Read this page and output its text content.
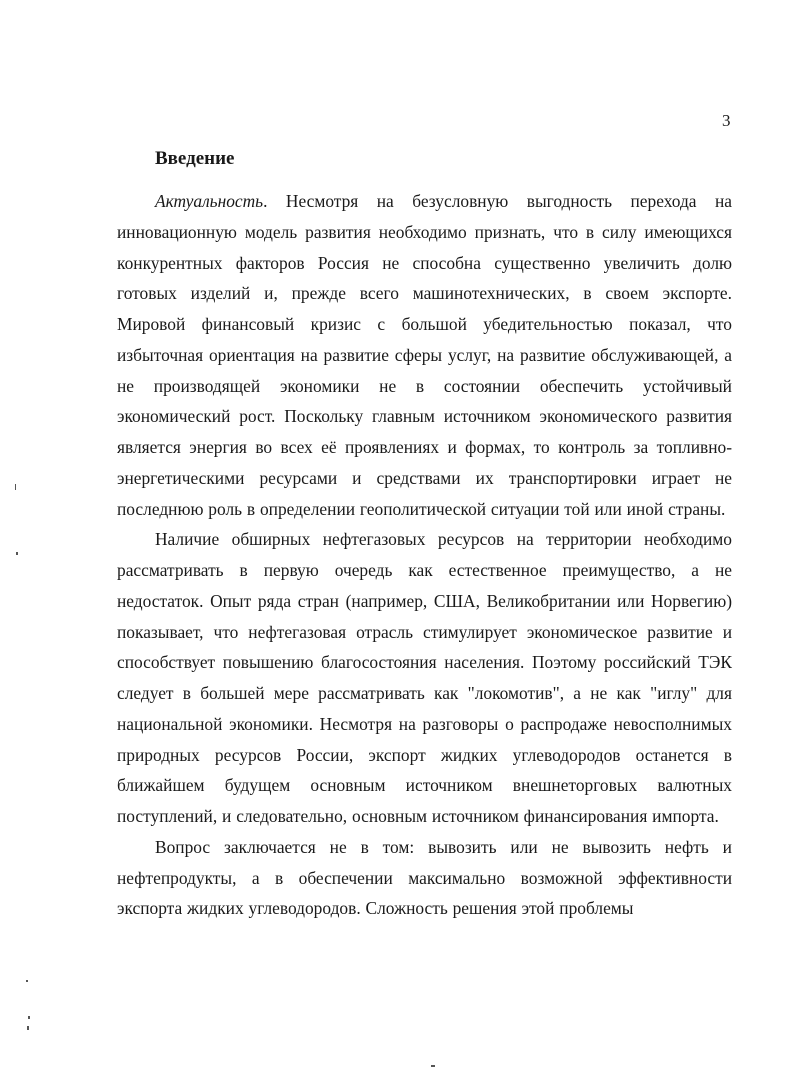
3
Введение

Актуальность. Несмотря на безусловную выгодность перехода на инновационную модель развития необходимо признать, что в силу имеющихся конкурентных факторов Россия не способна существенно увеличить долю готовых изделий и, прежде всего машинотехнических, в своем экспорте. Мировой финансовый кризис с большой убедительностью показал, что избыточная ориентация на развитие сферы услуг, на развитие обслуживающей, а не производящей экономики не в состоянии обеспечить устойчивый экономический рост. Поскольку главным источником экономического развития является энергия во всех её проявлениях и формах, то контроль за топливно-энергетическими ресурсами и средствами их транспортировки играет не последнюю роль в определении геополитической ситуации той или иной страны.

Наличие обширных нефтегазовых ресурсов на территории необходимо рассматривать в первую очередь как естественное преимущество, а не недостаток. Опыт ряда стран (например, США, Великобритании или Норвегию) показывает, что нефтегазовая отрасль стимулирует экономическое развитие и способствует повышению благосостояния населения. Поэтому российский ТЭК следует в большей мере рассматривать как "локомотив", а не как "иглу" для национальной экономики. Несмотря на разговоры о распродаже невосполнимых природных ресурсов России, экспорт жидких углеводородов останется в ближайшем будущем основным источником внешнеторговых валютных поступлений, и следовательно, основным источником финансирования импорта.

Вопрос заключается не в том: вывозить или не вывозить нефть и нефтепродукты, а в обеспечении максимально возможной эффективности экспорта жидких углеводородов. Сложность решения этой проблемы
